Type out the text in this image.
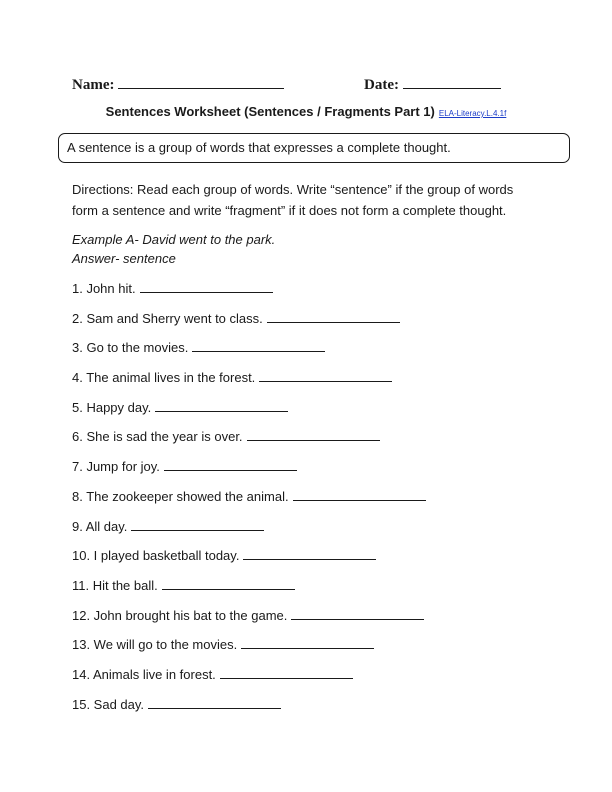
Name:	Date:
Sentences Worksheet (Sentences / Fragments Part 1) ELA-Literacy.L.4.1f
A sentence is a group of words that expresses a complete thought.
Directions: Read each group of words. Write “sentence” if the group of words
form a sentence and write “fragment” if it does not form a complete thought.
Example A- David went to the park.
Answer- sentence
1. John hit.
2. Sam and Sherry went to class.
3. Go to the movies.
4. The animal lives in the forest.
5. Happy day.
6. She is sad the year is over.
7. Jump for joy.
8. The zookeeper showed the animal.
9. All day.
10. I played basketball today.
11. Hit the ball.
12. John brought his bat to the game.
13. We will go to the movies.
14. Animals live in forest.
15. Sad day.
